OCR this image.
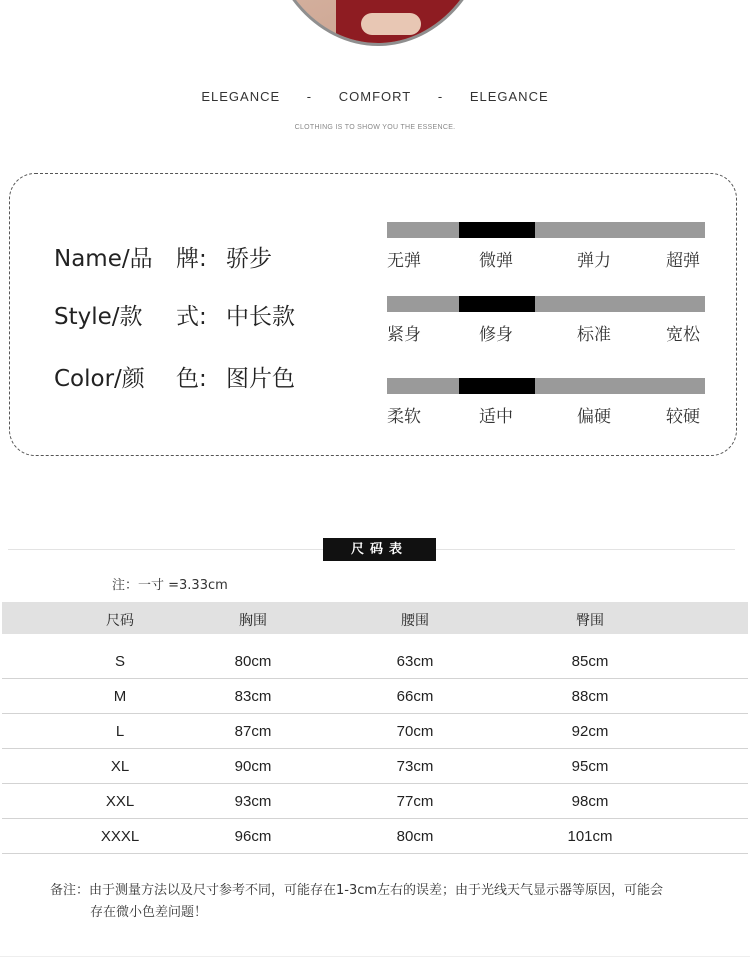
ELEGANCE - COMFORT - ELEGANCE
CLOTHING IS TO SHOW YOU THE ESSENCE.
Name/品 牌: 骄步
Style/款 式: 中长款
Color/颜 色: 图片色
无弹	微弹	弹力	超弹
紧身	修身	标准	宽松
柔软	适中	偏硬	较硬
尺码表
注：一寸 =3.33cm
尺码	胸围	腰围	臀围
S	80cm	63cm	85cm
M	83cm	66cm	88cm
L	87cm	70cm	92cm
XL	90cm	73cm	95cm
XXL	93cm	77cm	98cm
XXXL	96cm	80cm	101cm
备注：由于测量方法以及尺寸参考不同，可能存在1-3cm左右的误差；由于光线天气显示器等原因，可能会
存在微小色差问题！
